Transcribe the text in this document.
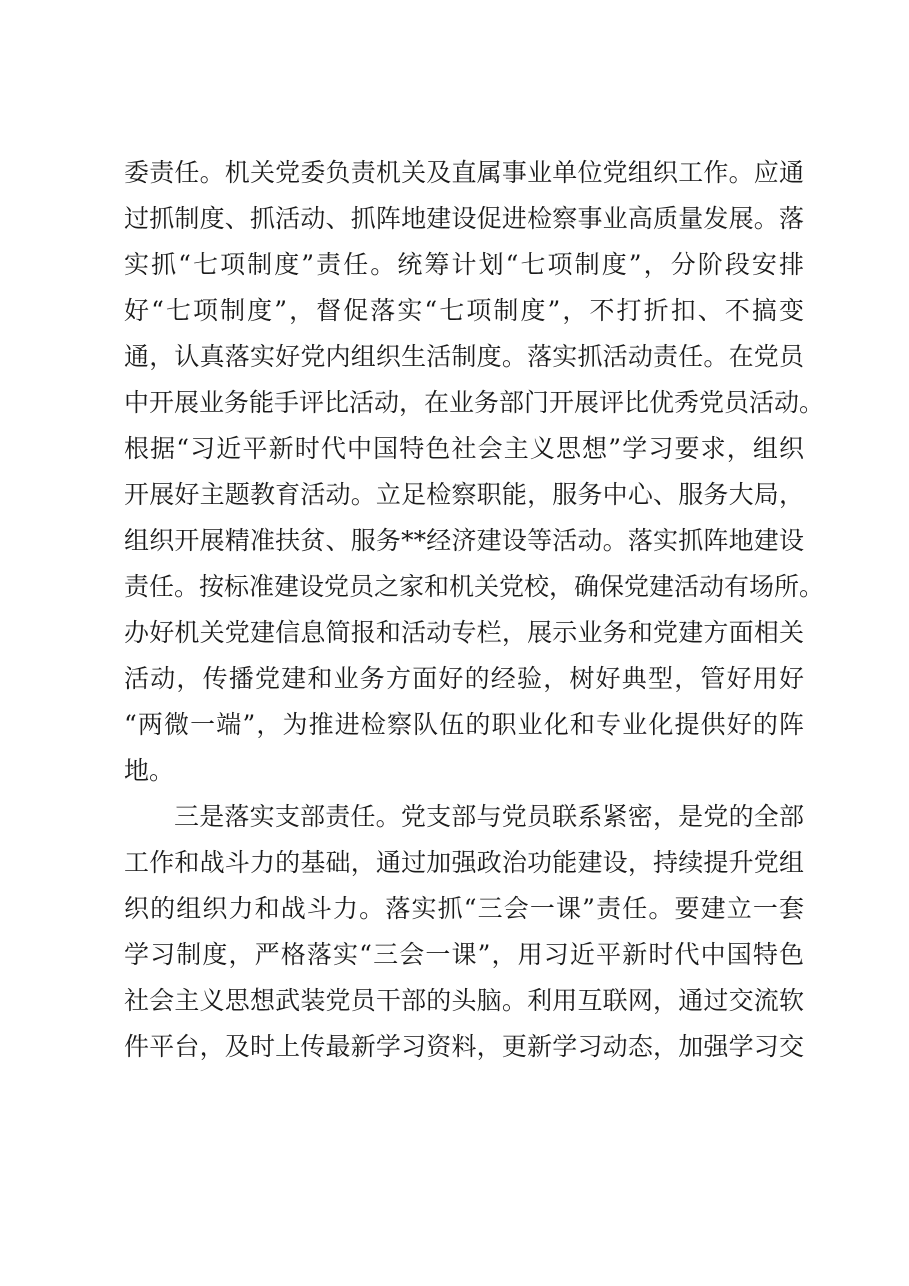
委责任。机关党委负责机关及直属事业单位党组织工作。应通
过抓制度、抓活动、抓阵地建设促进检察事业高质量发展。落
实抓“七项制度”责任。统筹计划“七项制度”，分阶段安排
好“七项制度”，督促落实“七项制度”，不打折扣、不搞变
通，认真落实好党内组织生活制度。落实抓活动责任。在党员
中开展业务能手评比活动，在业务部门开展评比优秀党员活动。
根据“习近平新时代中国特色社会主义思想”学习要求，组织
开展好主题教育活动。立足检察职能，服务中心、服务大局，
组织开展精准扶贫、服务**经济建设等活动。落实抓阵地建设
责任。按标准建设党员之家和机关党校，确保党建活动有场所。
办好机关党建信息简报和活动专栏，展示业务和党建方面相关
活动，传播党建和业务方面好的经验，树好典型，管好用好
“两微一端”，为推进检察队伍的职业化和专业化提供好的阵
地。
三是落实支部责任。党支部与党员联系紧密，是党的全部
工作和战斗力的基础，通过加强政治功能建设，持续提升党组
织的组织力和战斗力。落实抓“三会一课”责任。要建立一套
学习制度，严格落实“三会一课”，用习近平新时代中国特色
社会主义思想武装党员干部的头脑。利用互联网，通过交流软
件平台，及时上传最新学习资料，更新学习动态，加强学习交
